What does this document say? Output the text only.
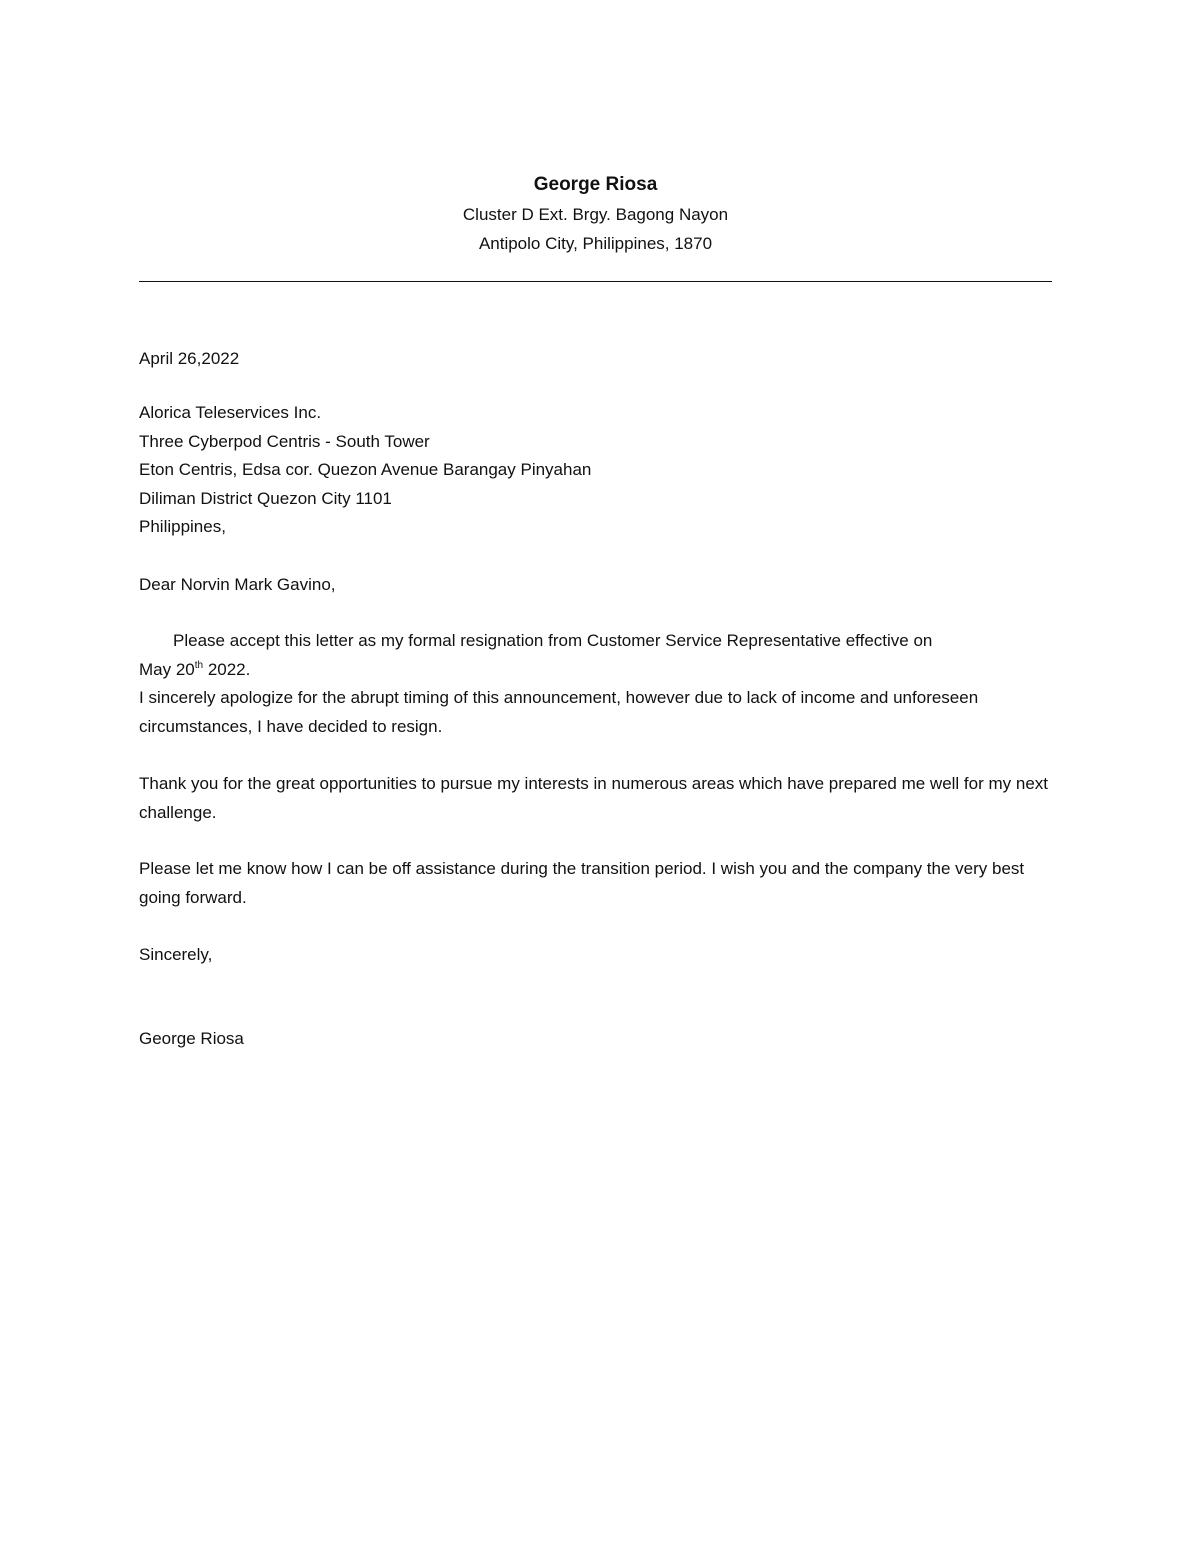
George Riosa

Cluster D Ext. Brgy. Bagong Nayon

Antipolo City, Philippines, 1870

April 26,2022

Alorica Teleservices Inc.

Three Cyberpod Centris - South Tower

Eton Centris, Edsa cor. Quezon Avenue Barangay Pinyahan

Diliman District Quezon City 1101

Philippines,

Dear Norvin Mark Gavino,

Please accept this letter as my formal resignation from Customer Service Representative effective on

May 20th 2022.

I sincerely apologize for the abrupt timing of this announcement, however due to lack of income and unforeseen circumstances, I have decided to resign.

Thank you for the great opportunities to pursue my interests in numerous areas which have prepared me well for my next challenge.

Please let me know how I can be off assistance during the transition period. I wish you and the company the very best going forward.

Sincerely,

George Riosa
